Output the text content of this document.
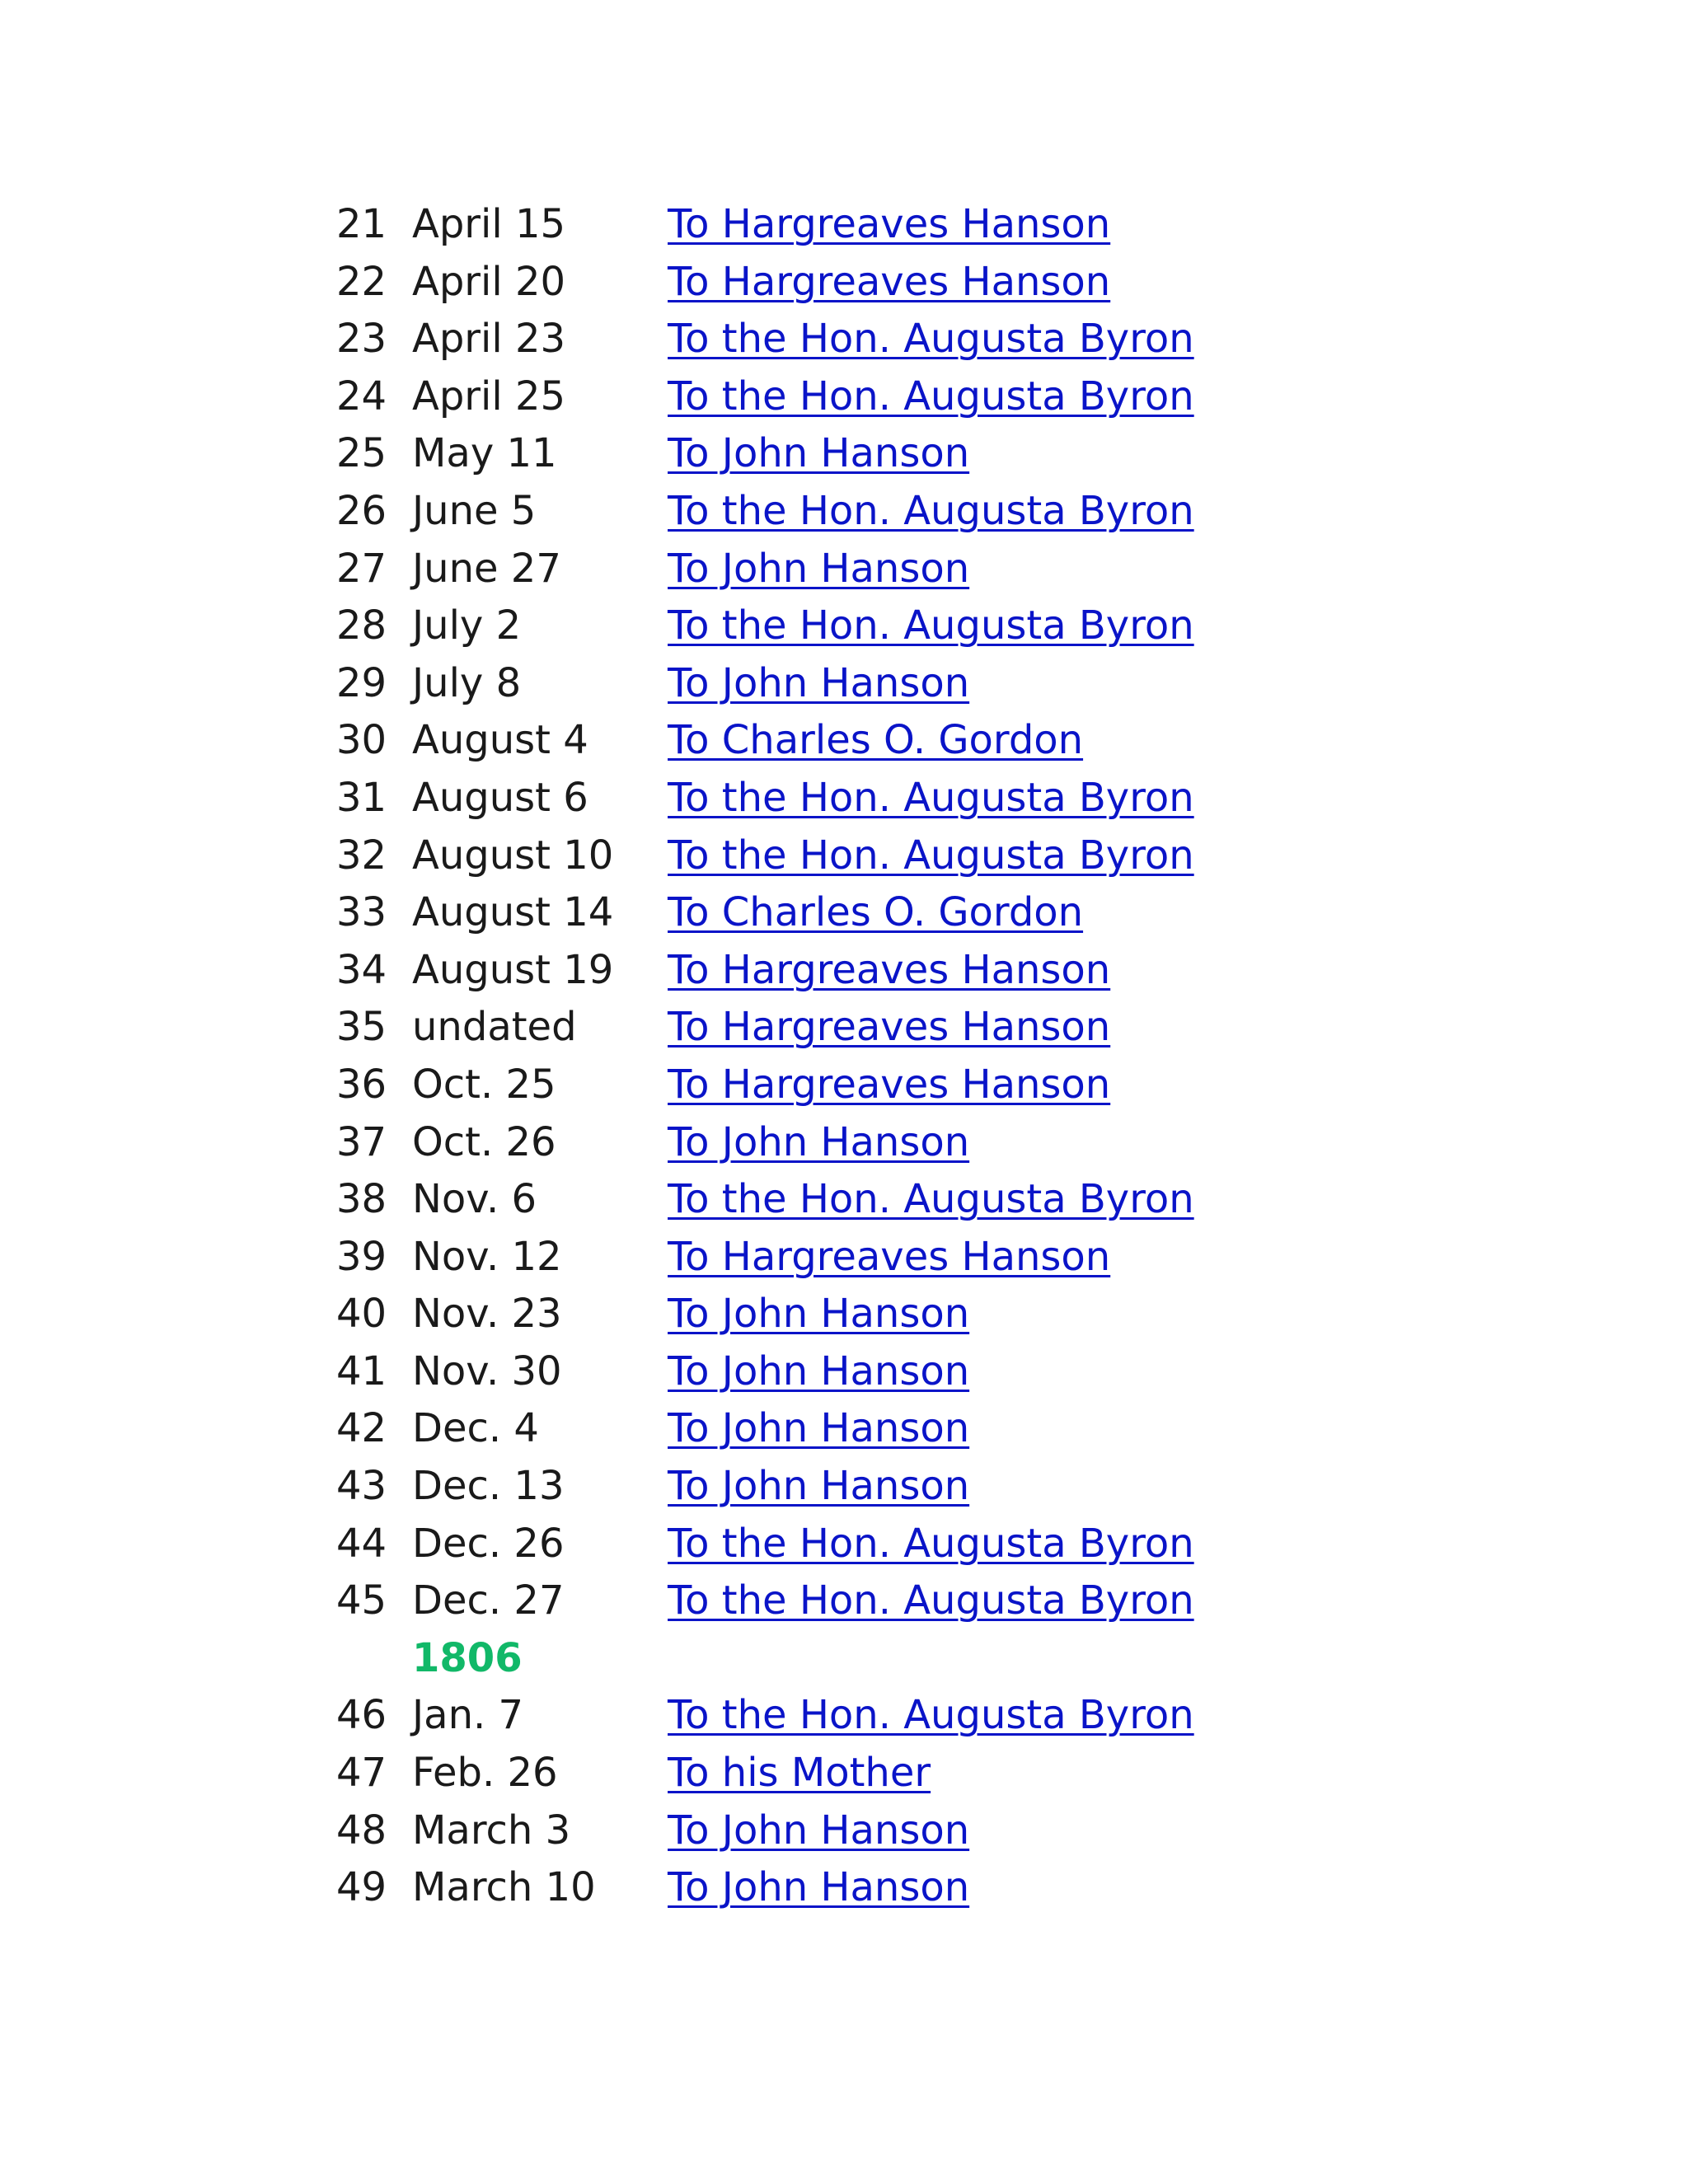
21	April 15	To Hargreaves Hanson
22	April 20	To Hargreaves Hanson
23	April 23	To the Hon. Augusta Byron
24	April 25	To the Hon. Augusta Byron
25	May 11	To John Hanson
26	June 5	To the Hon. Augusta Byron
27	June 27	To John Hanson
28	July 2	To the Hon. Augusta Byron
29	July 8	To John Hanson
30	August 4	To Charles O. Gordon
31	August 6	To the Hon. Augusta Byron
32	August 10	To the Hon. Augusta Byron
33	August 14	To Charles O. Gordon
34	August 19	To Hargreaves Hanson
35	undated	To Hargreaves Hanson
36	Oct. 25	To Hargreaves Hanson
37	Oct. 26	To John Hanson
38	Nov. 6	To the Hon. Augusta Byron
39	Nov. 12	To Hargreaves Hanson
40	Nov. 23	To John Hanson
41	Nov. 30	To John Hanson
42	Dec. 4	To John Hanson
43	Dec. 13	To John Hanson
44	Dec. 26	To the Hon. Augusta Byron
45	Dec. 27	To the Hon. Augusta Byron
	1806	
46	Jan. 7	To the Hon. Augusta Byron
47	Feb. 26	To his Mother
48	March 3	To John Hanson
49	March 10	To John Hanson
